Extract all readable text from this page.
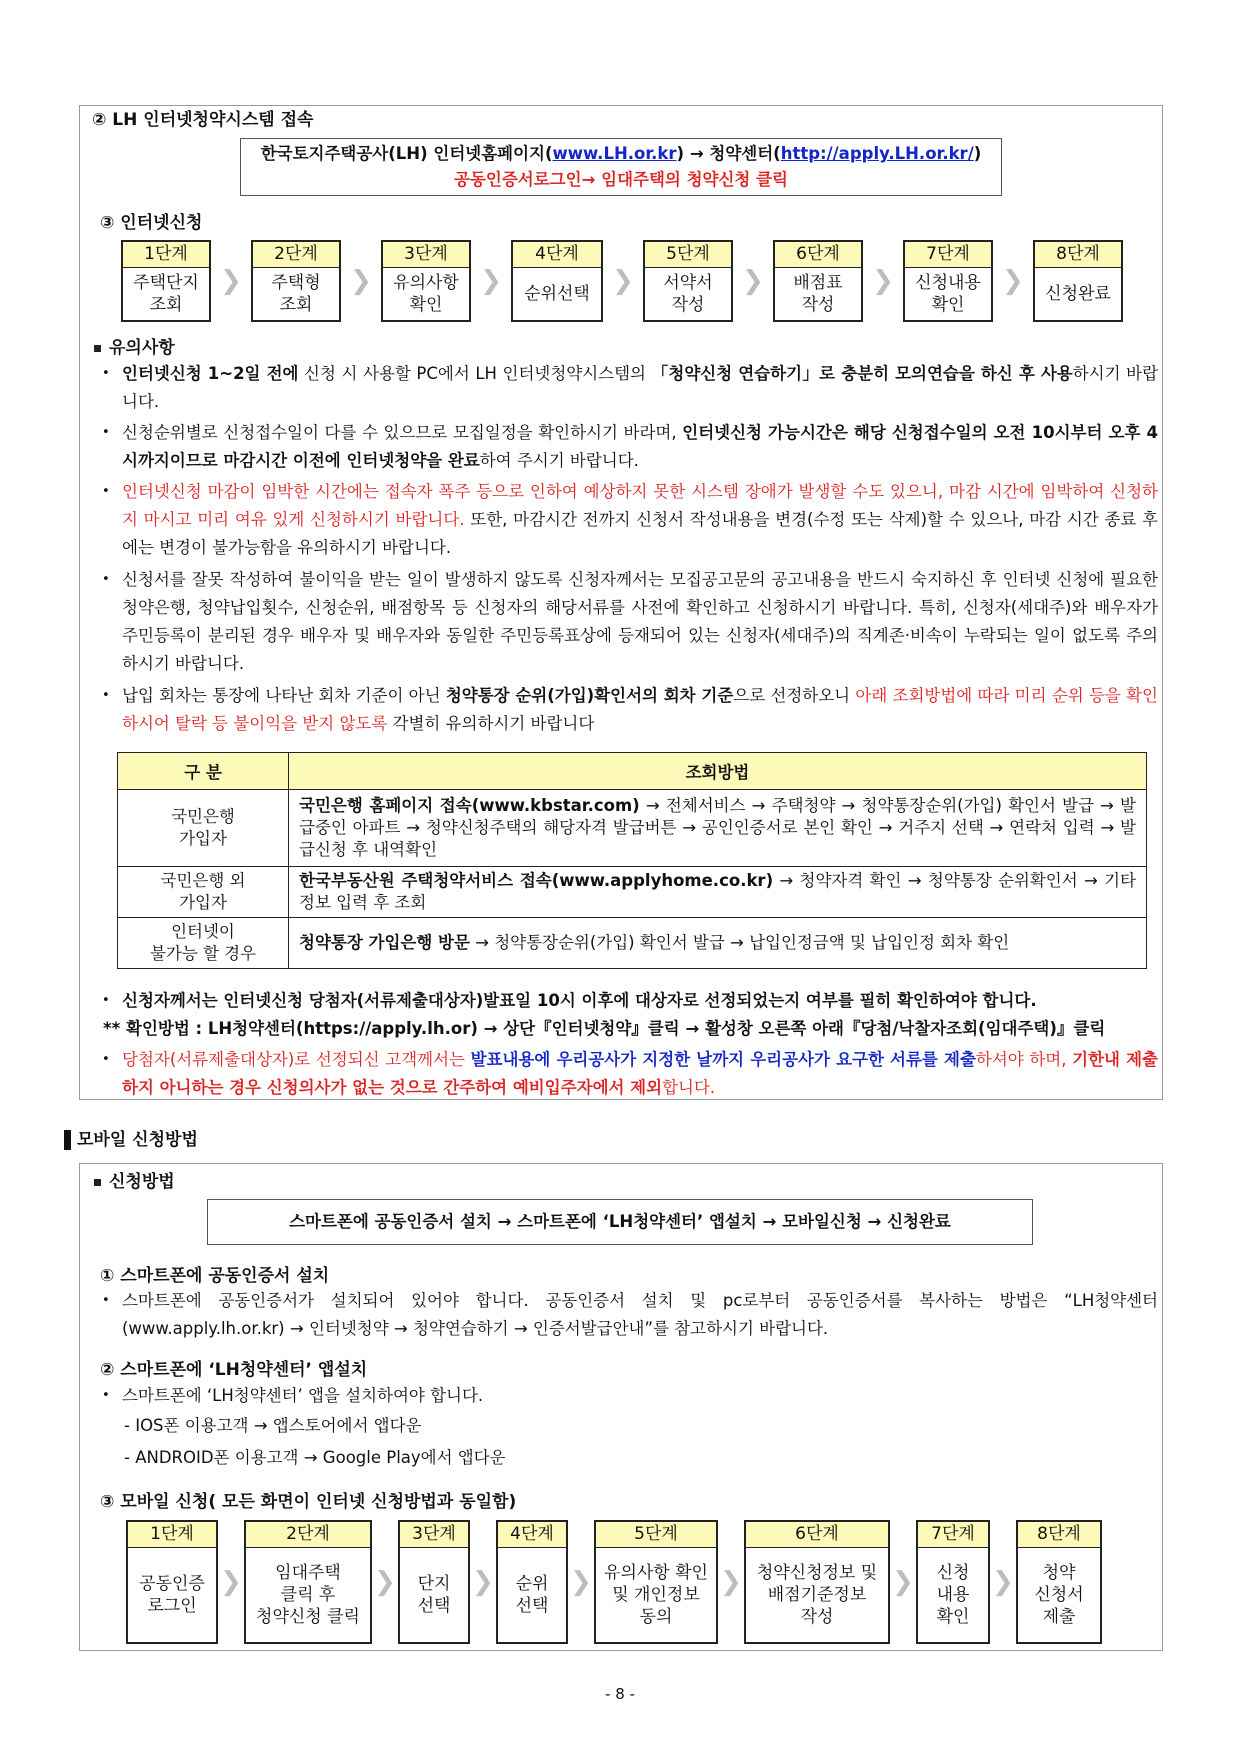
② LH 인터넷청약시스템 접속
한국토지주택공사(LH) 인터넷홈페이지(www.LH.or.kr) → 청약센터(http://apply.LH.or.kr/)
공동인증서로그인→ 임대주택의 청약신청 클릭
③ 인터넷신청
1단계
주택단지
조회
❯
2단계
주택형
조회
❯
3단계
유의사항
확인
❯
4단계
순위선택 ❯
5단계
서약서
작성
❯
6단계
배점표
작성
❯
7단계
신청내용
확인
❯
8단계
신청완료
유의사항
• 인터넷신청 1~2일 전에 신청 시 사용할 PC에서 LH 인터넷청약시스템의 「청약신청 연습하기」로 충분히 모의연습을 하신 후 사용하시기 바랍니다.
• 신청순위별로 신청접수일이 다를 수 있으므로 모집일정을 확인하시기 바라며, 인터넷신청 가능시간은 해당 신청접수일의 오전 10시부터 오후 4시까지이므로 마감시간 이전에 인터넷청약을 완료하여 주시기 바랍니다.
• 인터넷신청 마감이 임박한 시간에는 접속자 폭주 등으로 인하여 예상하지 못한 시스템 장애가 발생할 수도 있으니, 마감 시간에 임박하여 신청하지 마시고 미리 여유 있게 신청하시기 바랍니다. 또한, 마감시간 전까지 신청서 작성내용을 변경(수정 또는 삭제)할 수 있으나, 마감 시간 종료 후에는 변경이 불가능함을 유의하시기 바랍니다.
• 신청서를 잘못 작성하여 불이익을 받는 일이 발생하지 않도록 신청자께서는 모집공고문의 공고내용을 반드시 숙지하신 후 인터넷 신청에 필요한 청약은행, 청약납입횟수, 신청순위, 배점항목 등 신청자의 해당서류를 사전에 확인하고 신청하시기 바랍니다. 특히, 신청자(세대주)와 배우자가 주민등록이 분리된 경우 배우자 및 배우자와 동일한 주민등록표상에 등재되어 있는 신청자(세대주)의 직계존·비속이 누락되는 일이 없도록 주의하시기 바랍니다.
• 납입 회차는 통장에 나타난 회차 기준이 아닌 청약통장 순위(가입)확인서의 회차 기준으로 선정하오니 아래 조회방법에 따라 미리 순위 등을 확인하시어 탈락 등 불이익을 받지 않도록 각별히 유의하시기 바랍니다
구 분	조회방법
국민은행
가입자	국민은행 홈페이지 접속(www.kbstar.com) → 전체서비스 → 주택청약 → 청약통장순위(가입) 확인서 발급 → 발급중인 아파트 → 청약신청주택의 해당자격 발급버튼 → 공인인증서로 본인 확인 → 거주지 선택 → 연락처 입력 → 발급신청 후 내역확인
국민은행 외
가입자	한국부동산원 주택청약서비스 접속(www.applyhome.co.kr) → 청약자격 확인 → 청약통장 순위확인서 → 기타 정보 입력 후 조회
인터넷이
불가능 할 경우	청약통장 가입은행 방문 → 청약통장순위(가입) 확인서 발급 → 납입인정금액 및 납입인정 회차 확인
• 신청자께서는 인터넷신청 당첨자(서류제출대상자)발표일 10시 이후에 대상자로 선정되었는지 여부를 필히 확인하여야 합니다.
** 확인방법 : LH청약센터(https://apply.lh.or) → 상단『인터넷청약』클릭 → 활성창 오른쪽 아래『당첨/낙찰자조회(임대주택)』클릭
• 당첨자(서류제출대상자)로 선정되신 고객께서는 발표내용에 우리공사가 지정한 날까지 우리공사가 요구한 서류를 제출하셔야 하며, 기한내 제출하지 아니하는 경우 신청의사가 없는 것으로 간주하여 예비입주자에서 제외합니다.
모바일 신청방법
신청방법
스마트폰에 공동인증서 설치 → 스마트폰에 ‘LH청약센터’ 앱설치 → 모바일신청 → 신청완료
① 스마트폰에 공동인증서 설치
• 스마트폰에 공동인증서가 설치되어 있어야 합니다. 공동인증서 설치 및 pc로부터 공동인증서를 복사하는 방법은 “LH청약센터(www.apply.lh.or.kr) → 인터넷청약 → 청약연습하기 → 인증서발급안내”를 참고하시기 바랍니다.
② 스마트폰에 ‘LH청약센터’ 앱설치
• 스마트폰에 ‘LH청약센터’ 앱을 설치하여야 합니다.
- IOS폰 이용고객 → 앱스토어에서 앱다운
- ANDROID폰 이용고객 → Google Play에서 앱다운
③ 모바일 신청( 모든 화면이 인터넷 신청방법과 동일함)
1단계
공동인증
로그인
❯
2단계
임대주택
클릭 후
청약신청 클릭
❯
3단계
단지
선택
❯
4단계
순위
선택
❯
5단계
유의사항 확인
및 개인정보
동의
❯
6단계
청약신청정보 및
배점기준정보
작성
❯
7단계
신청
내용
확인
❯
8단계
청약
신청서
제출
- 8 -
